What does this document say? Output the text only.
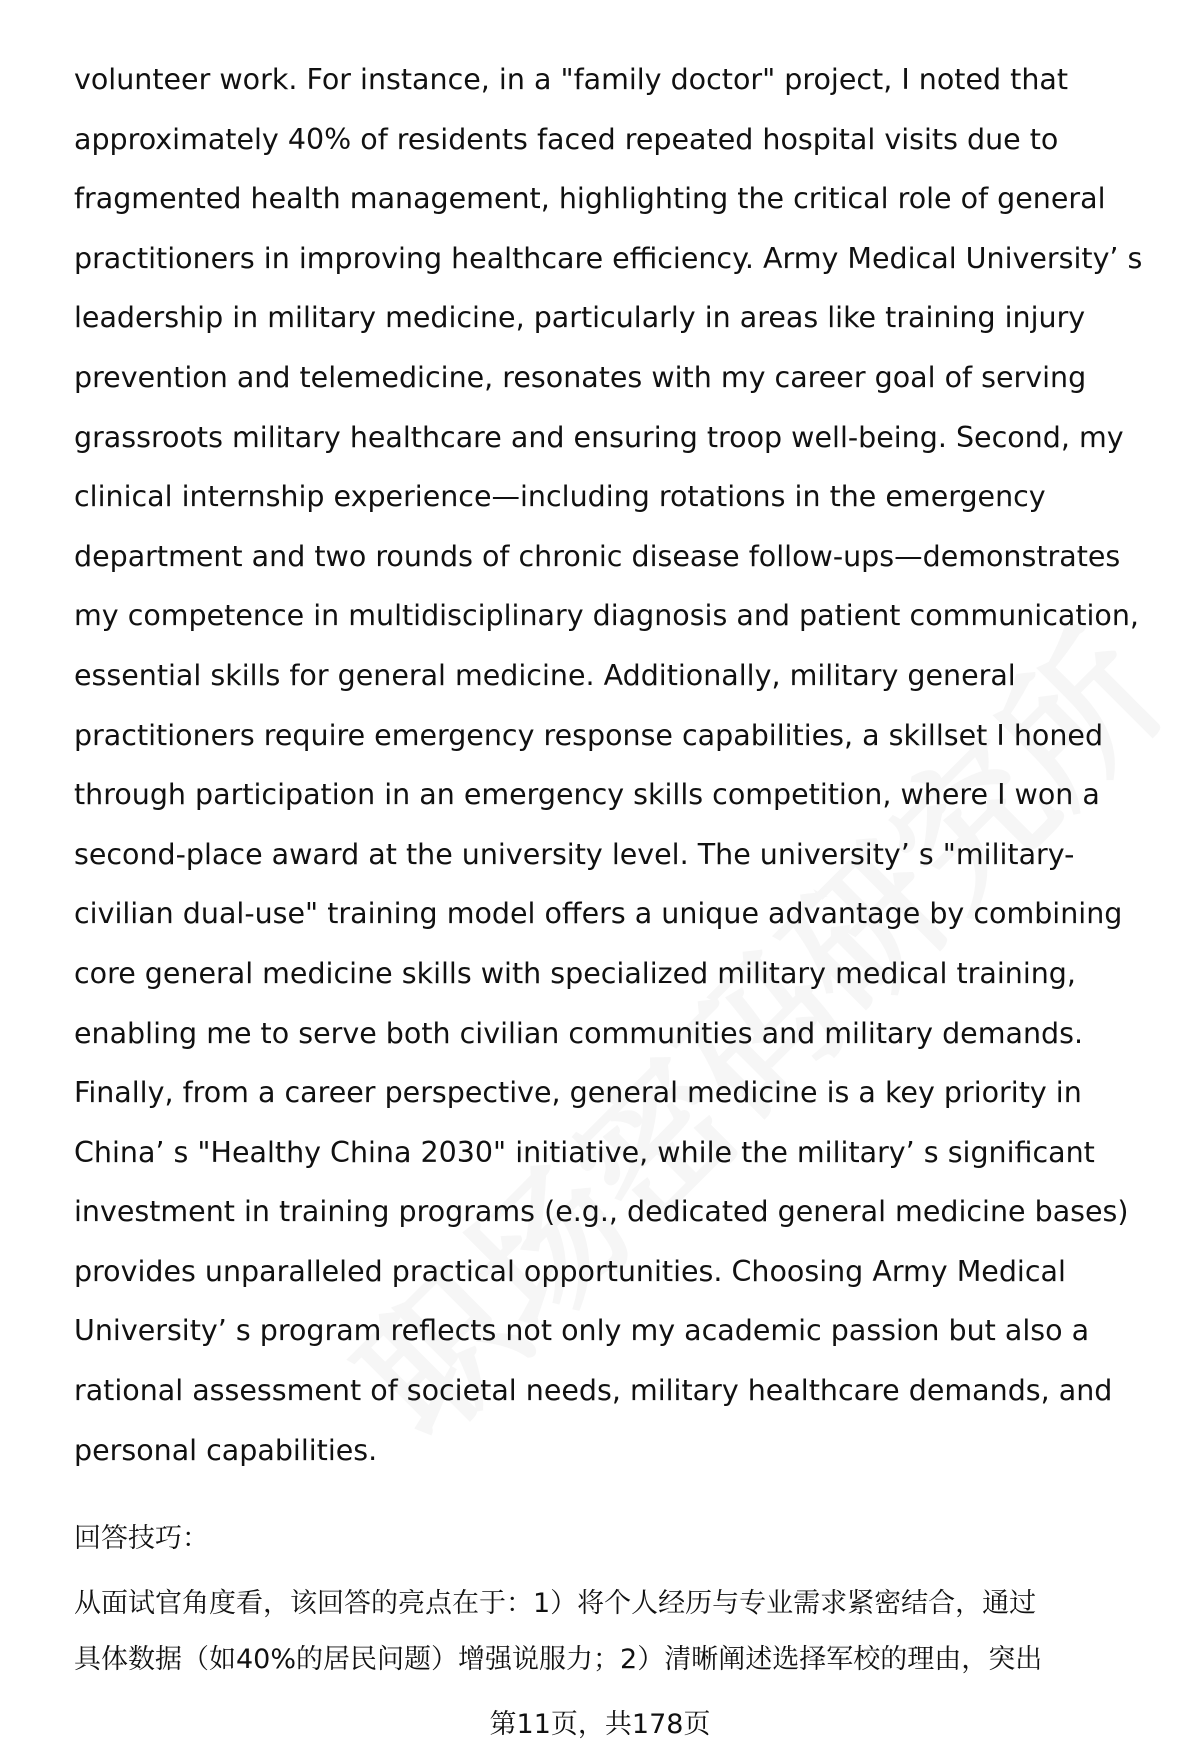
volunteer work. For instance, in a "family doctor" project, I noted that
approximately 40% of residents faced repeated hospital visits due to
fragmented health management, highlighting the critical role of general
practitioners in improving healthcare efficiency. Army Medical University’ s
leadership in military medicine, particularly in areas like training injury
prevention and telemedicine, resonates with my career goal of serving
grassroots military healthcare and ensuring troop well-being. Second, my
clinical internship experience—including rotations in the emergency
department and two rounds of chronic disease follow-ups—demonstrates
my competence in multidisciplinary diagnosis and patient communication,
essential skills for general medicine. Additionally, military general
practitioners require emergency response capabilities, a skillset I honed
through participation in an emergency skills competition, where I won a
second-place award at the university level. The university’ s "military-
civilian dual-use" training model offers a unique advantage by combining
core general medicine skills with specialized military medical training,
enabling me to serve both civilian communities and military demands.
Finally, from a career perspective, general medicine is a key priority in
China’ s "Healthy China 2030" initiative, while the military’ s significant
investment in training programs (e.g., dedicated general medicine bases)
provides unparalleled practical opportunities. Choosing Army Medical
University’ s program reflects not only my academic passion but also a
rational assessment of societal needs, military healthcare demands, and
personal capabilities.

回答技巧：

从面试官角度看，该回答的亮点在于：1）将个人经历与专业需求紧密结合，通过
具体数据（如40%的居民问题）增强说服力；2）清晰阐述选择军校的理由，突出

第11页，共178页
